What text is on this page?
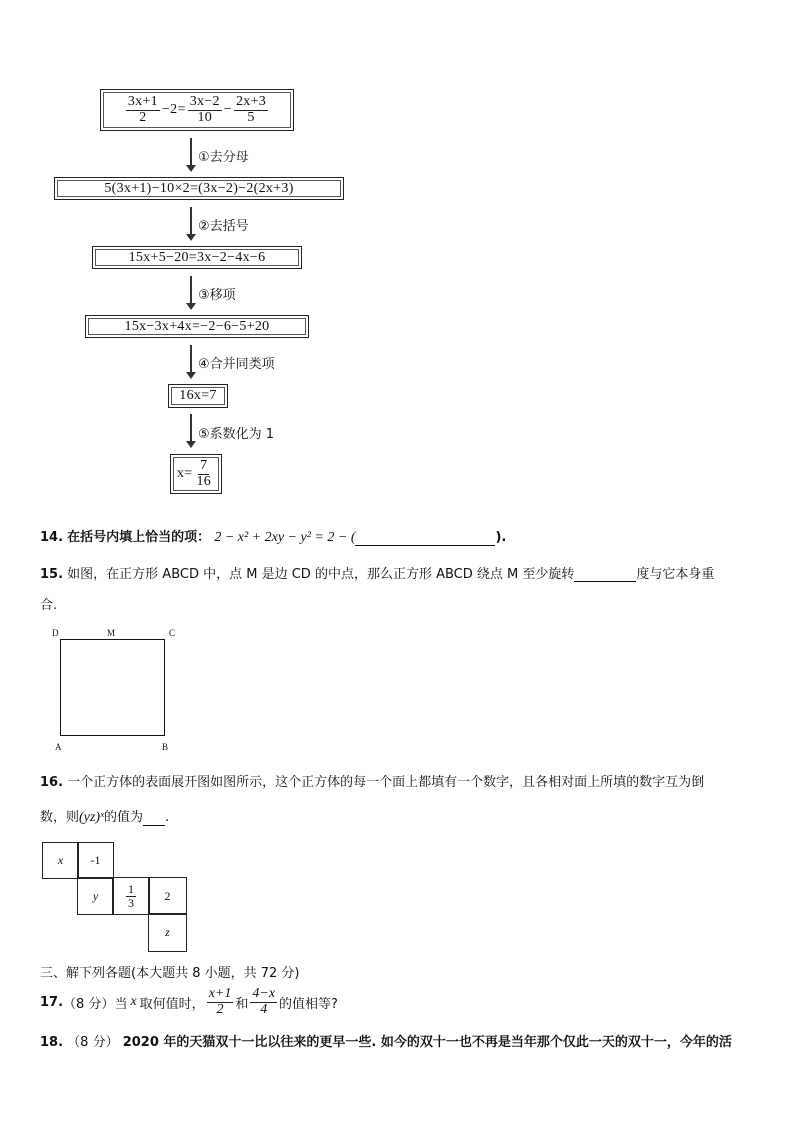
$\frac{3x+1}{2} -2= \frac{3x-2}{10} - \frac{2x+3}{5}$
①去分母
5(3x+1)−10×2=(3x−2)−2(2x+3)
②去括号
15x+5−20=3x−2−4x−6
③移项
15x−3x+4x=−2−6−5+20
④合并同类项
16x=7
⑤系数化为 1
$x= \frac{7}{16}$
14. 在括号内填上恰当的项： 2 − x² + 2xy − y² = 2 − (	).
15. 如图，在正方形 ABCD 中，点 M 是边 CD 的中点，那么正方形 ABCD 绕点 M 至少旋转	度与它本身重
合.
D	M	C
A	B
16. 一个正方体的表面展开图如图所示，这个正方体的每一个面上都填有一个数字，且各相对面上所填的数字互为倒
数，则(yz)ˣ的值为 .
x	-1
y	$\frac{1}{3}$	2
z
三、解下列各题(本大题共 8 小题，共 72 分)
17. （8 分） 当 x 取何值时， $\frac{x+1}{2}$ 和 $\frac{4-x}{4}$ 的值相等?
18. （8 分） 2020 年的天猫双十一比以往来的更早一些. 如今的双十一也不再是当年那个仅此一天的双十一，今年的活
